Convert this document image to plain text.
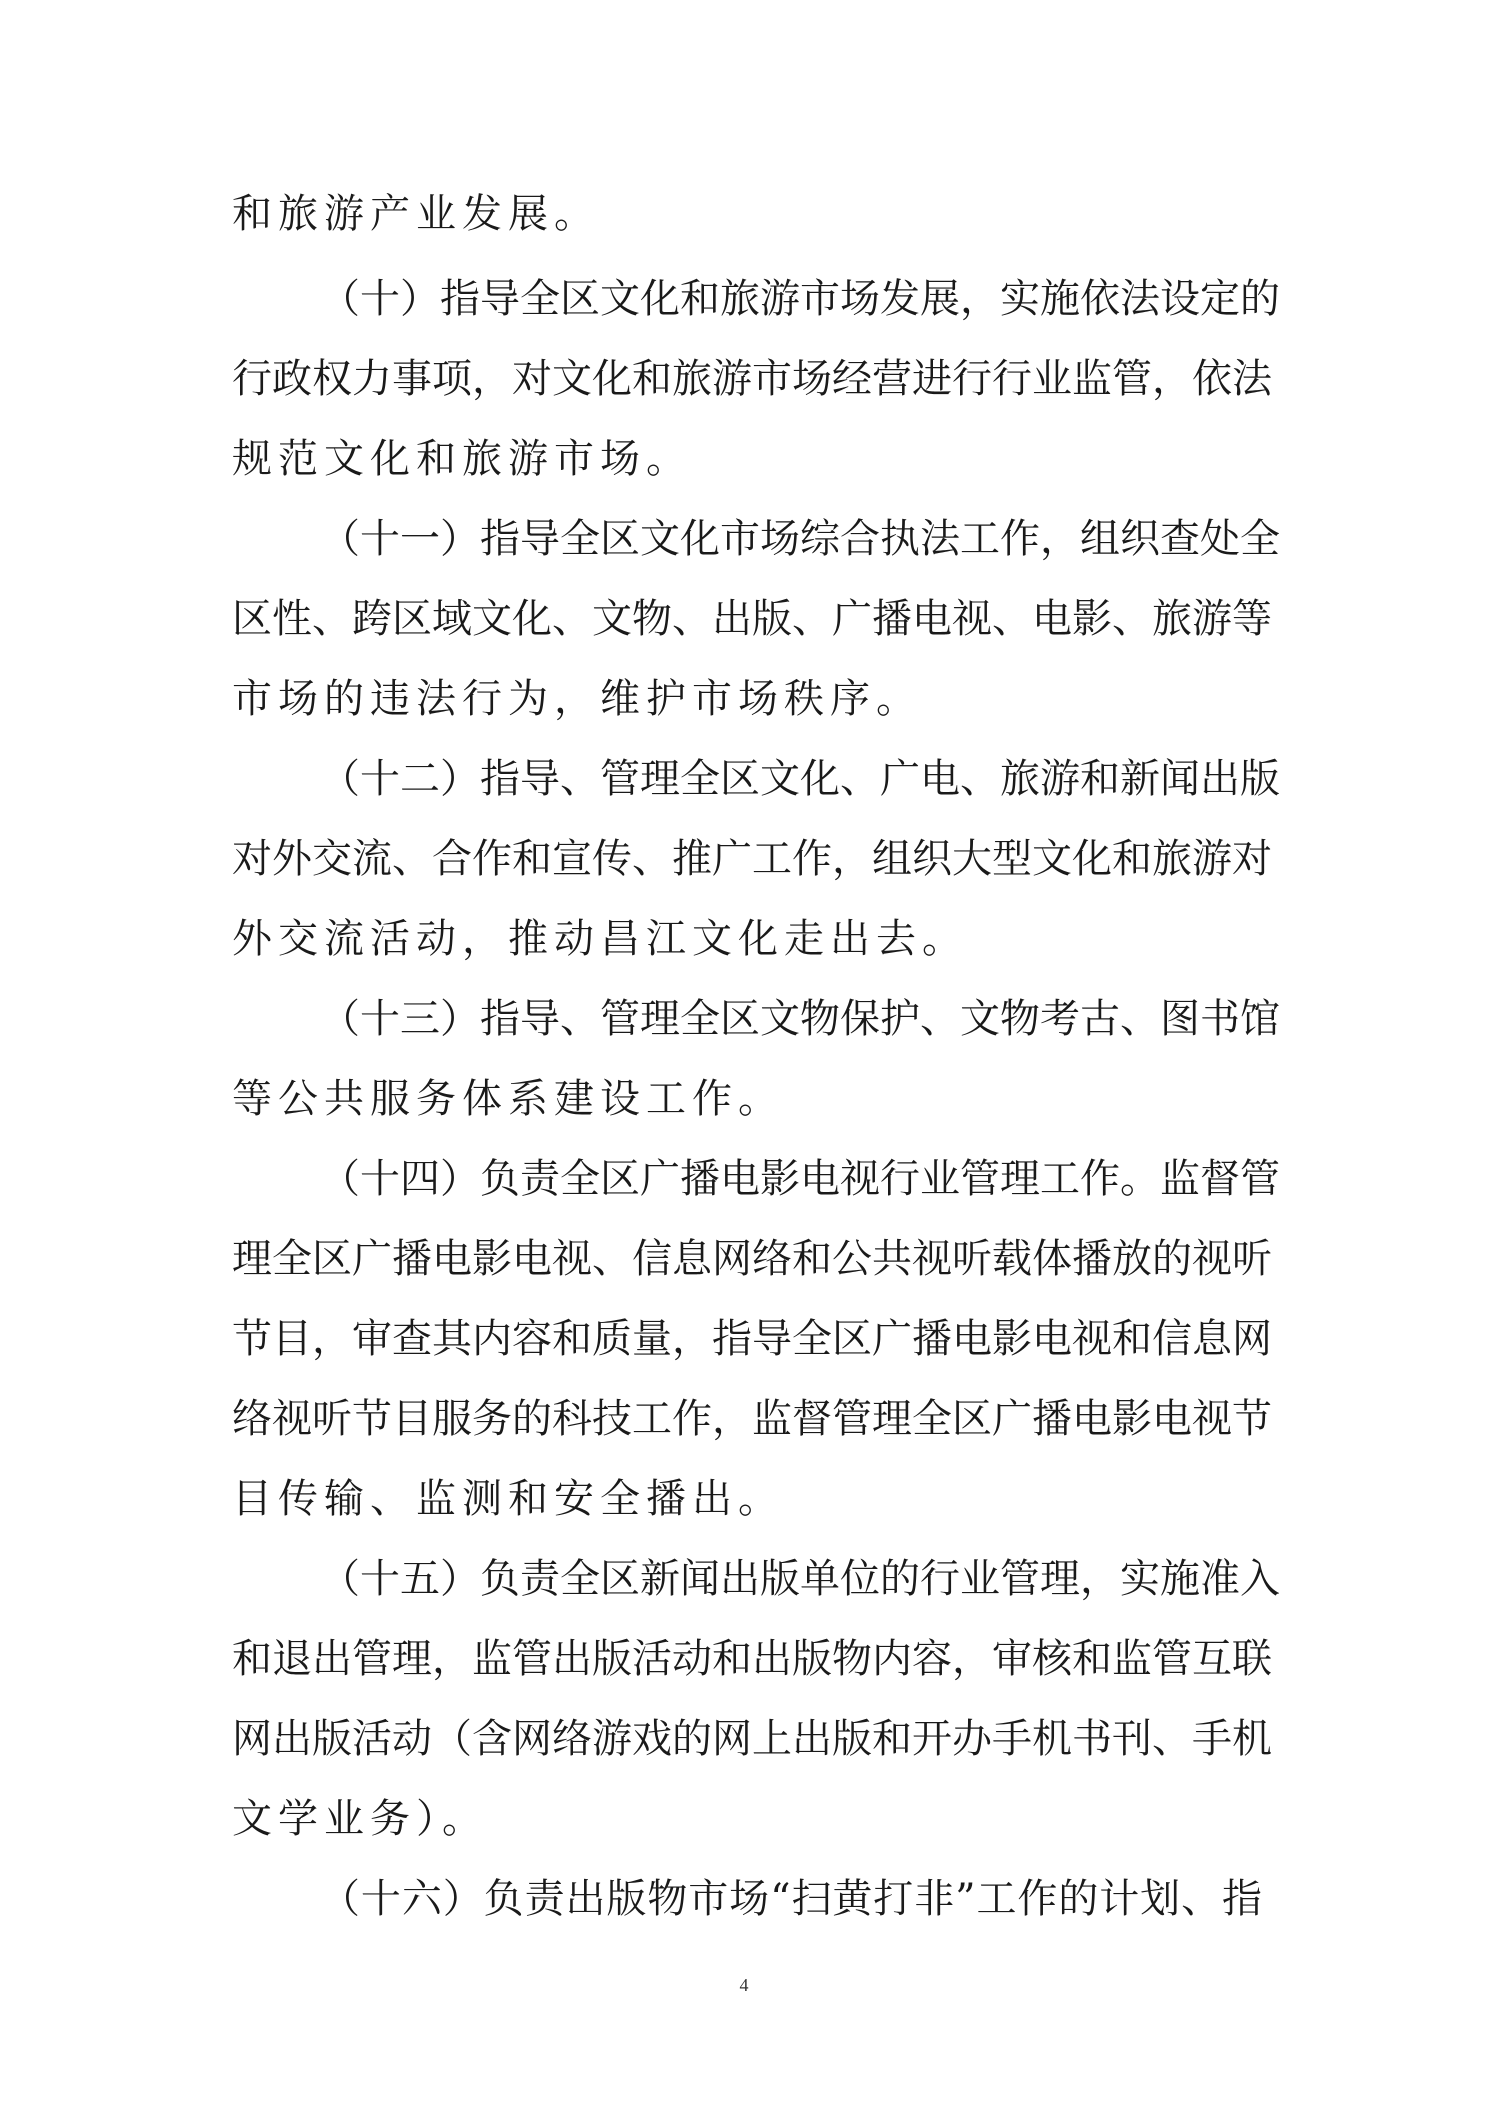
和旅游产业发展。
（十）指导全区文化和旅游市场发展，实施依法设定的
行政权力事项，对文化和旅游市场经营进行行业监管，依法
规范文化和旅游市场。
（十一）指导全区文化市场综合执法工作，组织查处全
区性、跨区域文化、文物、出版、广播电视、电影、旅游等
市场的违法行为，维护市场秩序。
（十二）指导、管理全区文化、广电、旅游和新闻出版
对外交流、合作和宣传、推广工作，组织大型文化和旅游对
外交流活动，推动昌江文化走出去。
（十三）指导、管理全区文物保护、文物考古、图书馆
等公共服务体系建设工作。
（十四）负责全区广播电影电视行业管理工作。监督管
理全区广播电影电视、信息网络和公共视听载体播放的视听
节目，审查其内容和质量，指导全区广播电影电视和信息网
络视听节目服务的科技工作，监督管理全区广播电影电视节
目传输、监测和安全播出。
（十五）负责全区新闻出版单位的行业管理，实施准入
和退出管理，监管出版活动和出版物内容，审核和监管互联
网出版活动（含网络游戏的网上出版和开办手机书刊、手机
文学业务）。
（十六）负责出版物市场“扫黄打非”工作的计划、指
4
